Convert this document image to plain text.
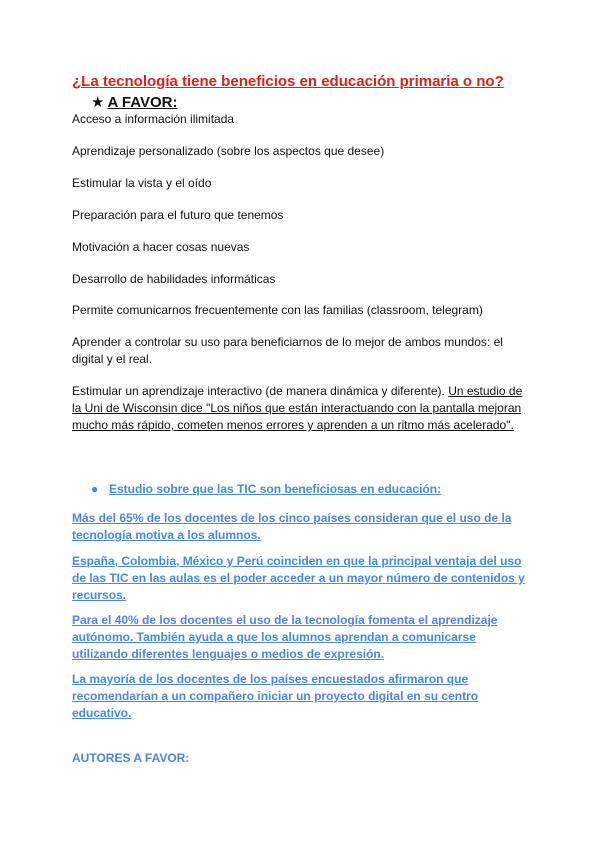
¿La tecnología tiene beneficios en educación primaria o no?
★ A FAVOR:

Acceso a información ilimitada

Aprendizaje personalizado (sobre los aspectos que desee)

Estimular la vista y el oído

Preparación para el futuro que tenemos

Motivación a hacer cosas nuevas

Desarrollo de habilidades informáticas

Permite comunicarnos frecuentemente con las familias (classroom, telegram)

Aprender a controlar su uso para beneficiarnos de lo mejor de ambos mundos: el digital y el real.

Estimular un aprendizaje interactivo (de manera dinámica y diferente). Un estudio de la Uni de Wisconsin dice "Los niños que están interactuando con la pantalla mejoran mucho más rápido, cometen menos errores y aprenden a un ritmo más acelerado".

● Estudio sobre que las TIC son beneficiosas en educación:

Más del 65% de los docentes de los cinco países consideran que el uso de la tecnología motiva a los alumnos.

España, Colombia, México y Perú coinciden en que la principal ventaja del uso de las TIC en las aulas es el poder acceder a un mayor número de contenidos y recursos.

Para el 40% de los docentes el uso de la tecnología fomenta el aprendizaje autónomo. También ayuda a que los alumnos aprendan a comunicarse utilizando diferentes lenguajes o medios de expresión.

La mayoría de los docentes de los países encuestados afirmaron que recomendarían a un compañero iniciar un proyecto digital en su centro educativo.

AUTORES A FAVOR:
